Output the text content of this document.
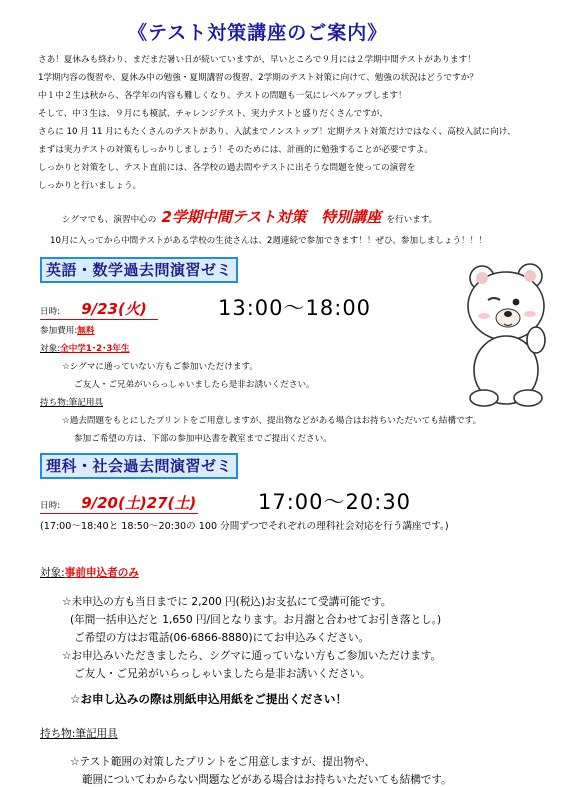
《テスト対策講座のご案内》
さあ！夏休みも終わり、まだまだ暑い日が続いていますが、早いところで９月には２学期中間テストがあります！
1学期内容の復習や、夏休み中の勉強・夏期講習の復習、2学期のテスト対策に向けて、勉強の状況はどうですか？
中１中２生は秋から、各学年の内容も難しくなり、テストの問題も一気にレベルアップします！
そして、中３生は、９月にも模試、チャレンジテスト、実力テストと盛りだくさんですが、
さらに 10 月 11 月にもたくさんのテストがあり、入試までノンストップ！定期テスト対策だけではなく、高校入試に向け、
まずは実力テストの対策もしっかりしましょう！そのためには、計画的に勉強することが必要ですよ。
しっかりと対策をし、テスト直前には、各学校の過去問やテストに出そうな問題を使っての演習を
しっかりと行いましょう。
シグマでも、演習中心の 2学期中間テスト対策　特別講座 を行います。
10月に入ってから中間テストがある学校の生徒さんは、2週連続で参加できます！！ぜひ、参加しましょう！！！
英語・数学過去問演習ゼミ
日時: 9/23(火)	13:00～18:00
参加費用:無料
対象:全中学1･2･3年生
☆シグマに通っていない方もご参加いただけます。
ご友人・ご兄弟がいらっしゃいましたら是非お誘いください。
持ち物:筆記用具
☆過去問題をもとにしたプリントをご用意しますが、提出物などがある場合はお持ちいただいても結構です。
参加ご希望の方は、下部の参加申込書を教室までご提出ください。
理科・社会過去問演習ゼミ
日時: 9/20(土)27(土)	17:00～20:30
(17:00～18:40と 18:50～20:30の 100 分間ずつでそれぞれの理科社会対応を行う講座です。)
対象:事前申込者のみ
☆未申込の方も当日までに 2,200 円(税込)お支払にて受講可能です。
(年間一括申込だと 1,650 円/回となります。お月謝と合わせてお引き落とし。)
ご希望の方はお電話(06-6866-8880)にてお申込みください。
☆お申込みいただきましたら、シグマに通っていない方もご参加いただけます。
ご友人・ご兄弟がいらっしゃいましたら是非お誘いください。
☆お申し込みの際は別紙申込用紙をご提出ください！
持ち物:筆記用具
☆テスト範囲の対策したプリントをご用意しますが、提出物や、
範囲についてわからない問題などがある場合はお持ちいただいても結構です。
